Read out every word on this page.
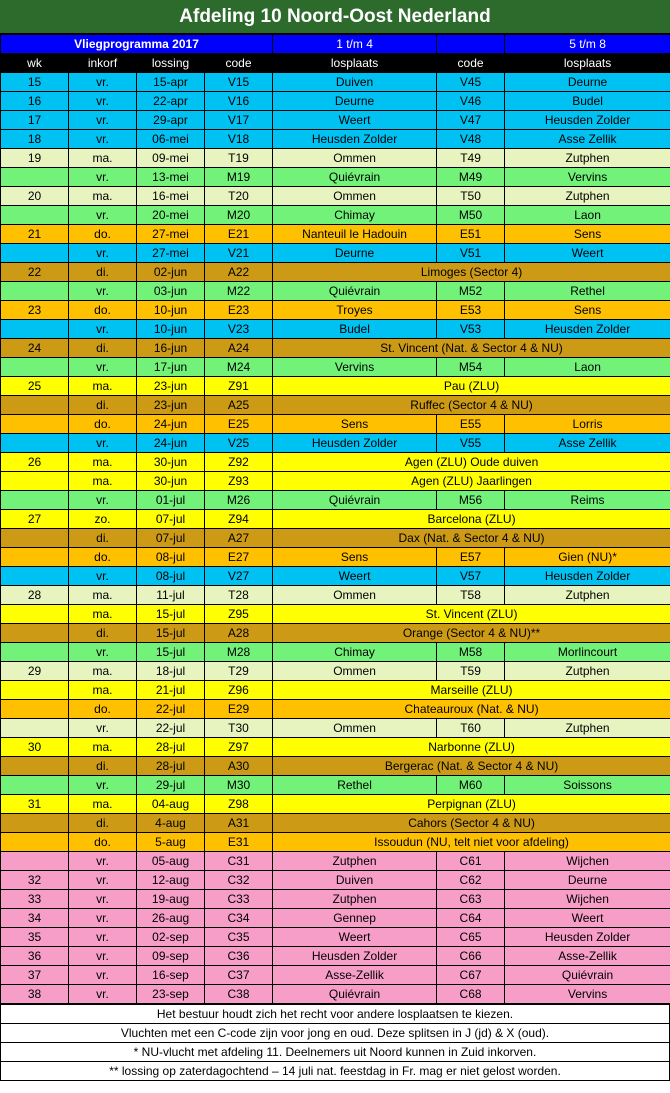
Afdeling 10 Noord-Oost Nederland
Vliegprogramma 2017				1 t/m 4		5 t/m 8
wk	inkorf	lossing	code	losplaats	code	losplaats
15	vr.	15-apr	V15	Duiven	V45	Deurne
16	vr.	22-apr	V16	Deurne	V46	Budel
17	vr.	29-apr	V17	Weert	V47	Heusden Zolder
18	vr.	06-mei	V18	Heusden Zolder	V48	Asse Zellik
19	ma.	09-mei	T19	Ommen	T49	Zutphen
	vr.	13-mei	M19	Quiévrain	M49	Vervins
20	ma.	16-mei	T20	Ommen	T50	Zutphen
	vr.	20-mei	M20	Chimay	M50	Laon
21	do.	27-mei	E21	Nanteuil le Hadouin	E51	Sens
	vr.	27-mei	V21	Deurne	V51	Weert
22	di.	02-jun	A22	Limoges (Sector 4)		
	vr.	03-jun	M22	Quiévrain	M52	Rethel
23	do.	10-jun	E23	Troyes	E53	Sens
	vr.	10-jun	V23	Budel	V53	Heusden Zolder
24	di.	16-jun	A24	St. Vincent (Nat. & Sector 4 & NU)		
	vr.	17-jun	M24	Vervins	M54	Laon
25	ma.	23-jun	Z91	Pau (ZLU)		
	di.	23-jun	A25	Ruffec (Sector 4 & NU)		
	do.	24-jun	E25	Sens	E55	Lorris
	vr.	24-jun	V25	Heusden Zolder	V55	Asse Zellik
26	ma.	30-jun	Z92	Agen (ZLU) Oude duiven		
	ma.	30-jun	Z93	Agen (ZLU) Jaarlingen		
	vr.	01-jul	M26	Quiévrain	M56	Reims
27	zo.	07-jul	Z94	Barcelona (ZLU)		
	di.	07-jul	A27	Dax (Nat. & Sector 4 & NU)		
	do.	08-jul	E27	Sens	E57	Gien (NU)*
	vr.	08-jul	V27	Weert	V57	Heusden Zolder
28	ma.	11-jul	T28	Ommen	T58	Zutphen
	ma.	15-jul	Z95	St. Vincent (ZLU)		
	di.	15-jul	A28	Orange (Sector 4 & NU)**		
	vr.	15-jul	M28	Chimay	M58	Morlincourt
29	ma.	18-jul	T29	Ommen	T59	Zutphen
	ma.	21-jul	Z96	Marseille (ZLU)		
	do.	22-jul	E29	Chateauroux (Nat. & NU)		
	vr.	22-jul	T30	Ommen	T60	Zutphen
30	ma.	28-jul	Z97	Narbonne (ZLU)		
	di.	28-jul	A30	Bergerac (Nat. & Sector 4 & NU)		
	vr.	29-jul	M30	Rethel	M60	Soissons
31	ma.	04-aug	Z98	Perpignan (ZLU)		
	di.	4-aug	A31	Cahors (Sector 4 & NU)		
	do.	5-aug	E31	Issoudun (NU, telt niet voor afdeling)		
	vr.	05-aug	C31	Zutphen	C61	Wijchen
32	vr.	12-aug	C32	Duiven	C62	Deurne
33	vr.	19-aug	C33	Zutphen	C63	Wijchen
34	vr.	26-aug	C34	Gennep	C64	Weert
35	vr.	02-sep	C35	Weert	C65	Heusden Zolder
36	vr.	09-sep	C36	Heusden Zolder	C66	Asse-Zellik
37	vr.	16-sep	C37	Asse-Zellik	C67	Quiévrain
38	vr.	23-sep	C38	Quiévrain	C68	Vervins
Het bestuur houdt zich het recht voor andere losplaatsen te kiezen.
Vluchten met een C-code zijn voor jong en oud. Deze splitsen in J (jd) & X (oud).
* NU-vlucht met afdeling 11. Deelnemers uit Noord kunnen in Zuid inkorven.
** lossing op zaterdagochtend – 14 juli nat. feestdag in Fr. mag er niet gelost worden.
